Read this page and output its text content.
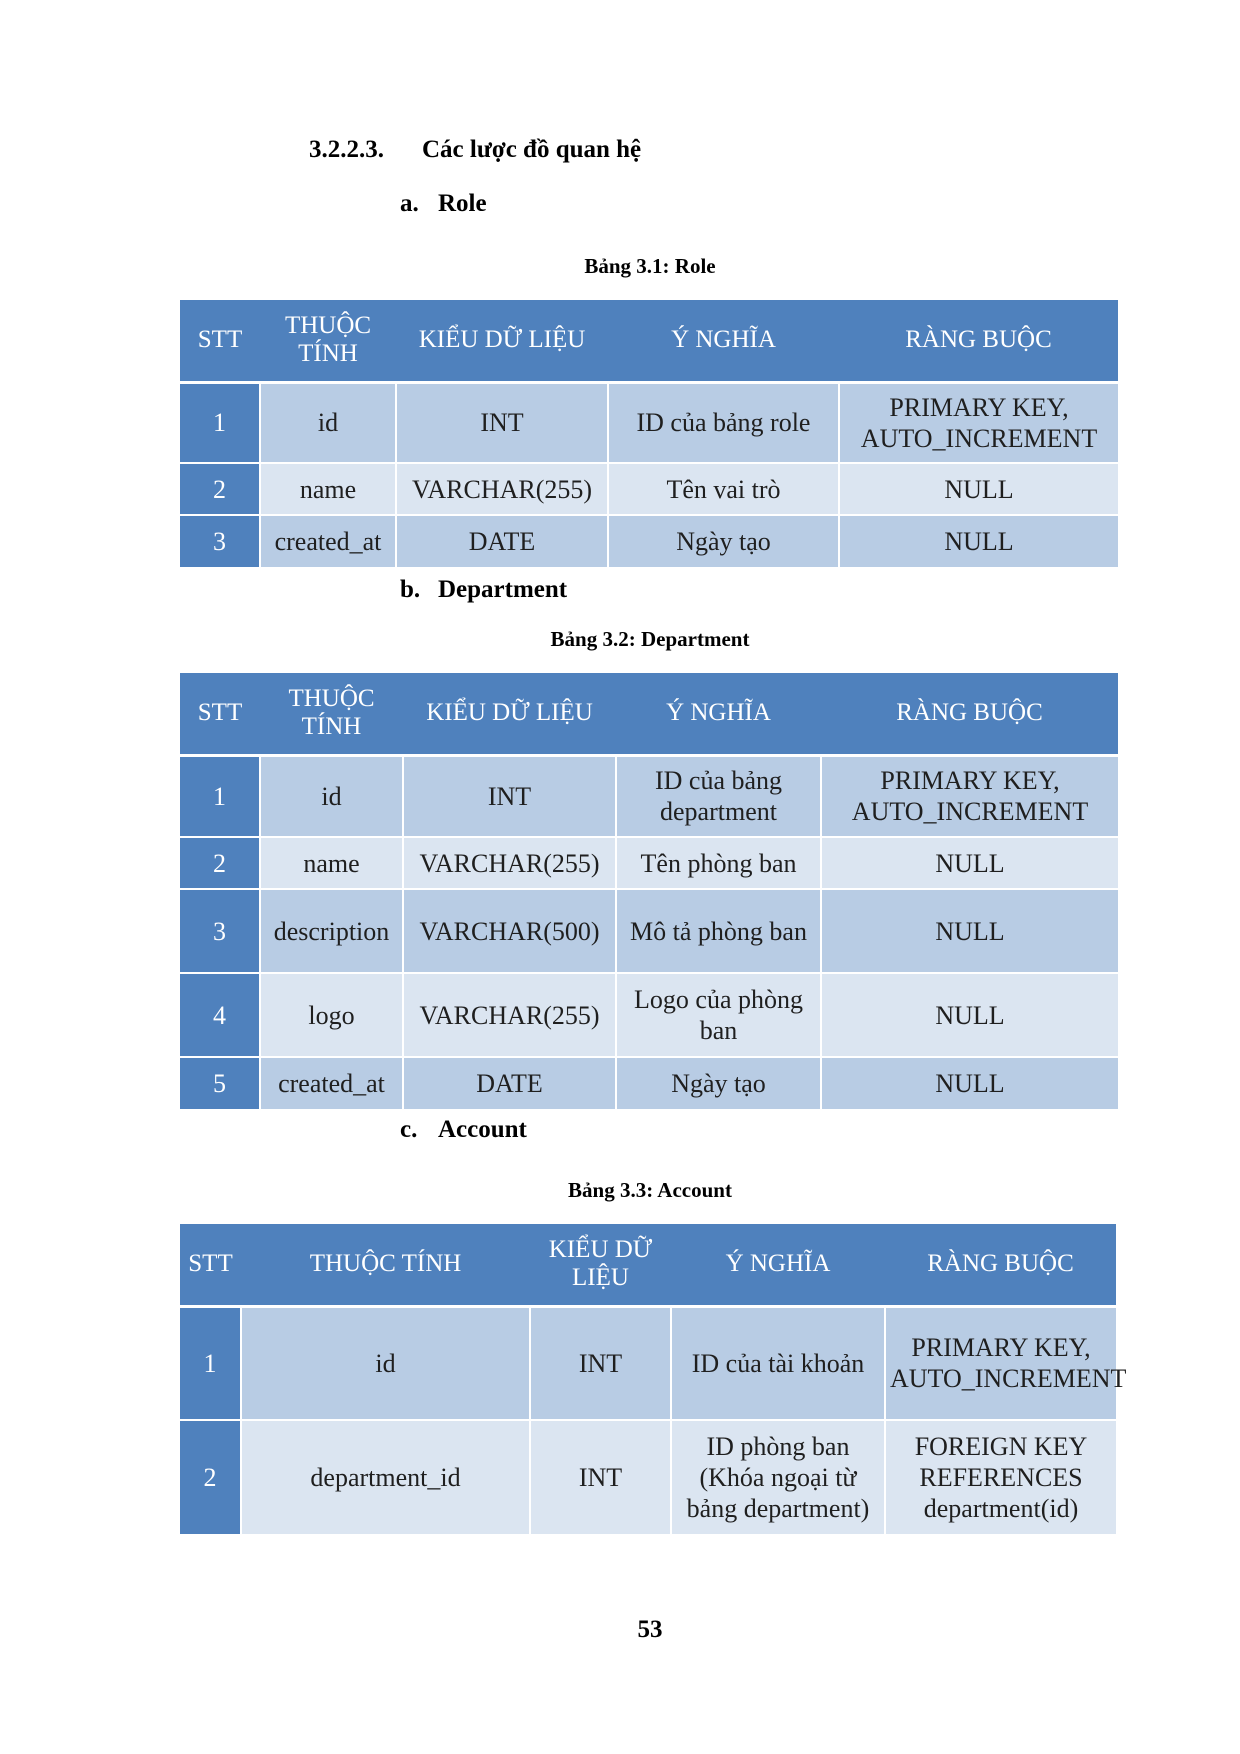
3.2.2.3. Các lược đồ quan hệ
a. Role
Bảng 3.1: Role
STT	THUỘC TÍNH	KIỂU DỮ LIỆU	Ý NGHĨA	RÀNG BUỘC
1	id	INT	ID của bảng role	PRIMARY KEY, AUTO_INCREMENT
2	name	VARCHAR(255)	Tên vai trò	NULL
3	created_at	DATE	Ngày tạo	NULL
b. Department
Bảng 3.2: Department
STT	THUỘC TÍNH	KIỂU DỮ LIỆU	Ý NGHĨA	RÀNG BUỘC
1	id	INT	ID của bảng department	PRIMARY KEY, AUTO_INCREMENT
2	name	VARCHAR(255)	Tên phòng ban	NULL
3	description	VARCHAR(500)	Mô tả phòng ban	NULL
4	logo	VARCHAR(255)	Logo của phòng ban	NULL
5	created_at	DATE	Ngày tạo	NULL
c. Account
Bảng 3.3: Account
STT	THUỘC TÍNH	KIỂU DỮ LIỆU	Ý NGHĨA	RÀNG BUỘC
1	id	INT	ID của tài khoản	PRIMARY KEY, AUTO_INCREMENT
2	department_id	INT	ID phòng ban (Khóa ngoại từ bảng department)	FOREIGN KEY REFERENCES department(id)
53
